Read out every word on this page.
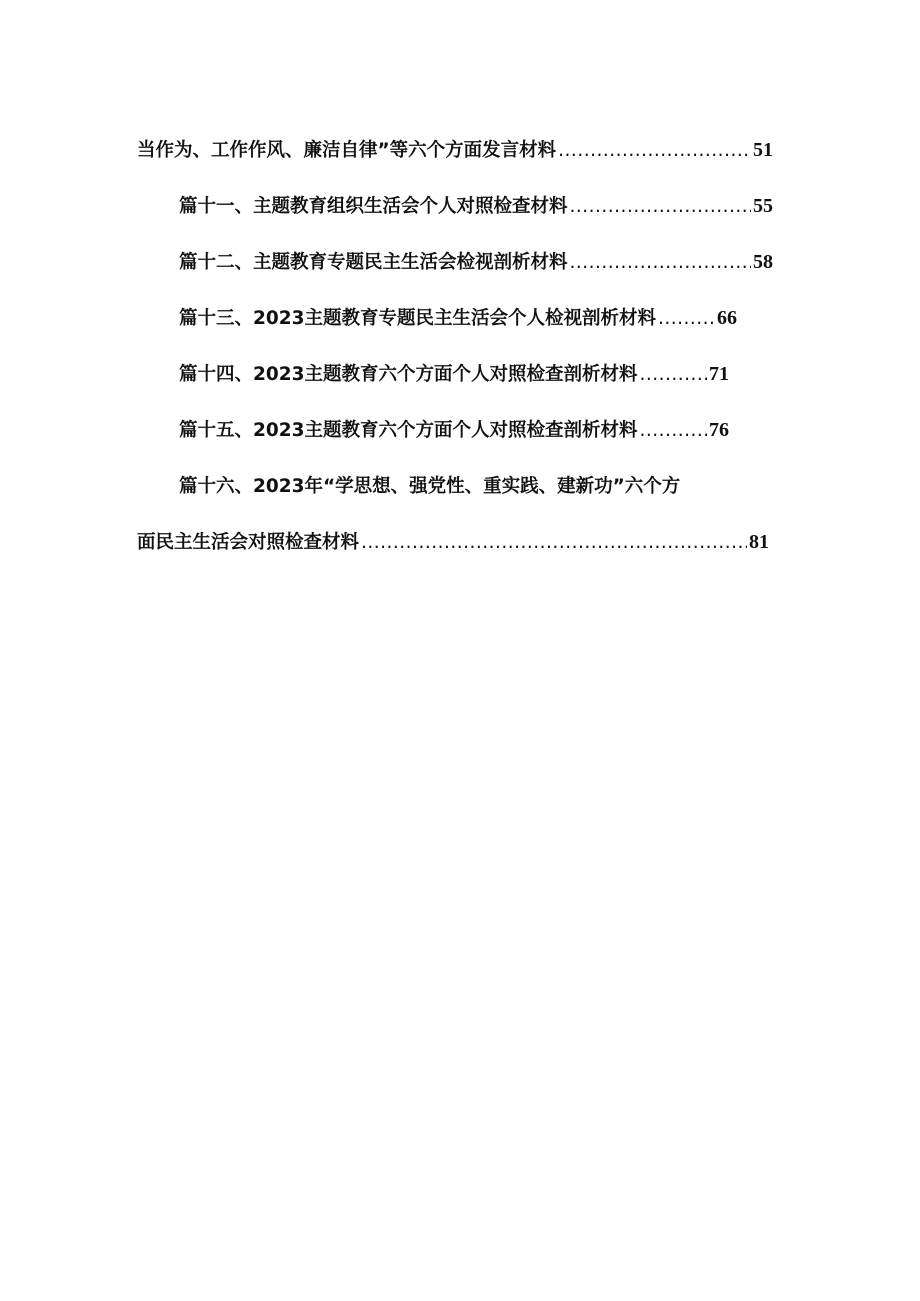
当作为、工作作风、廉洁自律”等六个方面发言材料 .....	51
篇十一、主题教育组织生活会个人对照检查材料 .....	55
篇十二、主题教育专题民主生活会检视剖析材料 .....	58
篇十三、2023主题教育专题民主生活会个人检视剖析材料 .....	66
篇十四、2023主题教育六个方面个人对照检查剖析材料 .....	71
篇十五、2023主题教育六个方面个人对照检查剖析材料 .....	76
篇十六、2023年“学思想、强党性、重实践、建新功”六个方
面民主生活会对照检查材料 .....	81
